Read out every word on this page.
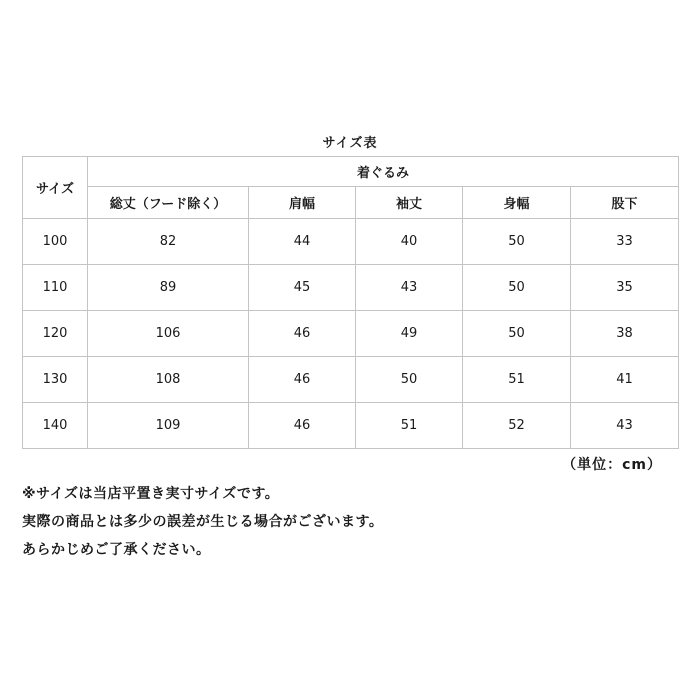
サイズ表
サイズ	着ぐるみ				
	総丈（フード除く）	肩幅	袖丈	身幅	股下
100	82	44	40	50	33
110	89	45	43	50	35
120	106	46	49	50	38
130	108	46	50	51	41
140	109	46	51	52	43
（単位：cm）
※サイズは当店平置き実寸サイズです。
実際の商品とは多少の誤差が生じる場合がございます。
あらかじめご了承ください。
